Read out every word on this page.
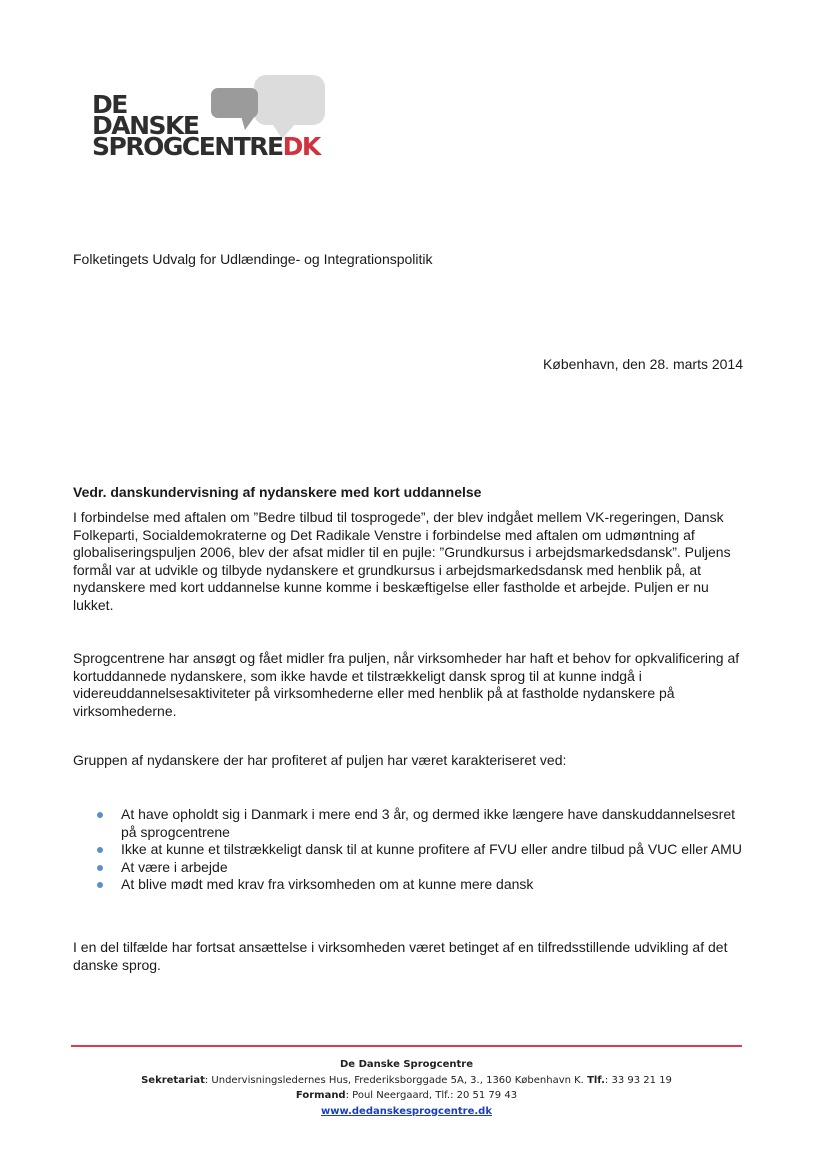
DE
DANSKE
SPROGCENTREDK
Folketingets Udvalg for Udlændinge- og Integrationspolitik
København, den 28. marts 2014
Vedr. danskundervisning af nydanskere med kort uddannelse
I forbindelse med aftalen om ”Bedre tilbud til tosprogede”, der blev indgået mellem VK-regeringen, Dansk Folkeparti, Socialdemokraterne og Det Radikale Venstre i forbindelse med aftalen om udmøntning af globaliseringspuljen 2006, blev der afsat midler til en pujle: ”Grundkursus i arbejdsmarkedsdansk”. Puljens formål var at udvikle og tilbyde nydanskere et grundkursus i arbejdsmarkedsdansk med henblik på, at nydanskere med kort uddannelse kunne komme i beskæftigelse eller fastholde et arbejde. Puljen er nu lukket.
Sprogcentrene har ansøgt og fået midler fra puljen, når virksomheder har haft et behov for opkvalificering af kortuddannede nydanskere, som ikke havde et tilstrækkeligt dansk sprog til at kunne indgå i videreuddannelsesaktiviteter på virksomhederne eller med henblik på at fastholde nydanskere på virksomhederne.
Gruppen af nydanskere der har profiteret af puljen har været karakteriseret ved:
At have opholdt sig i Danmark i mere end 3 år, og dermed ikke længere have danskuddannelsesret på sprogcentrene
Ikke at kunne et tilstrækkeligt dansk til at kunne profitere af FVU eller andre tilbud på VUC eller AMU
At være i arbejde
At blive mødt med krav fra virksomheden om at kunne mere dansk
I en del tilfælde har fortsat ansættelse i virksomheden været betinget af en tilfredsstillende udvikling af det danske sprog.
De Danske Sprogcentre
Sekretariat: Undervisningsledernes Hus, Frederiksborggade 5A, 3., 1360 København K. Tlf.: 33 93 21 19
Formand: Poul Neergaard, Tlf.: 20 51 79 43
www.dedanskesprogcentre.dk
